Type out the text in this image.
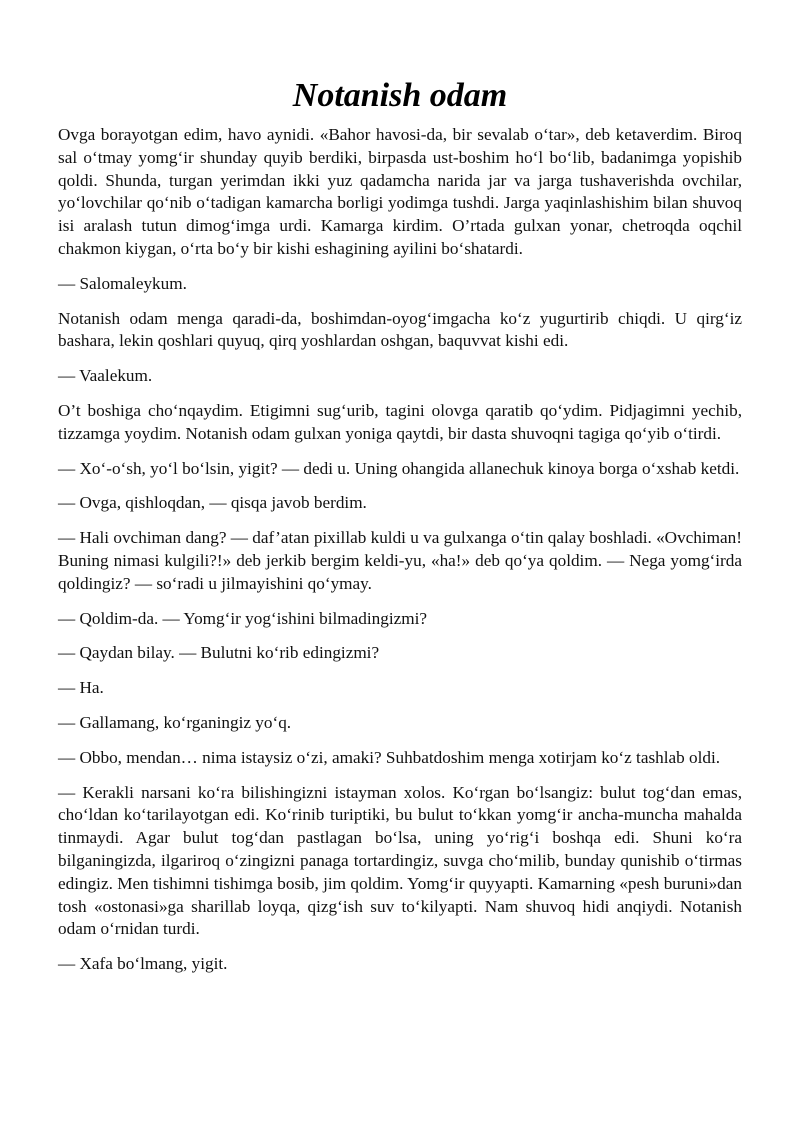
Notanish odam

Ovga borayotgan edim, havo aynidi. «Bahor havosi-da, bir sevalab o‘tar», deb ketaverdim. Biroq sal o‘tmay yomg‘ir shunday quyib berdiki, birpasda ust-boshim ho‘l bo‘lib, badanimga yopishib qoldi. Shunda, turgan yerimdan ikki yuz qadamcha narida jar va jarga tushaverishda ovchilar, yo‘lovchilar qo‘nib o‘tadigan kamarcha borligi yodimga tushdi. Jarga yaqinlashishim bilan shuvoq isi aralash tutun dimog‘imga urdi. Kamarga kirdim. O’rtada gulxan yonar, chetroqda oqchil chakmon kiygan, o‘rta bo‘y bir kishi eshagining ayilini bo‘shatardi.

— Salomaleykum.

Notanish odam menga qaradi-da, boshimdan-oyog‘imgacha ko‘z yugurtirib chiqdi. U qirg‘iz bashara, lekin qoshlari quyuq, qirq yoshlardan oshgan, baquvvat kishi edi.

— Vaalekum.

O’t boshiga cho‘nqaydim. Etigimni sug‘urib, tagini olovga qaratib qo‘ydim. Pidjagimni yechib, tizzamga yoydim. Notanish odam gulxan yoniga qaytdi, bir dasta shuvoqni tagiga qo‘yib o‘tirdi.

— Xo‘-o‘sh, yo‘l bo‘lsin, yigit? — dedi u. Uning ohangida allanechuk kinoya borga o‘xshab ketdi.

— Ovga, qishloqdan, — qisqa javob berdim.

— Hali ovchiman dang? — daf’atan pixillab kuldi u va gulxanga o‘tin qalay boshladi. «Ovchiman! Buning nimasi kulgili?!» deb jerkib bergim keldi-yu, «ha!» deb qo‘ya qoldim. — Nega yomg‘irda qoldingiz? — so‘radi u jilmayishini qo‘ymay.

— Qoldim-da. — Yomg‘ir yog‘ishini bilmadingizmi?

— Qaydan bilay. — Bulutni ko‘rib edingizmi?

— Ha.

— Gallamang, ko‘rganingiz yo‘q.

— Obbo, mendan… nima istaysiz o‘zi, amaki? Suhbatdoshim menga xotirjam ko‘z tashlab oldi.

— Kerakli narsani ko‘ra bilishingizni istayman xolos. Ko‘rgan bo‘lsangiz: bulut tog‘dan emas, cho‘ldan ko‘tarilayotgan edi. Ko‘rinib turiptiki, bu bulut to‘kkan yomg‘ir ancha-muncha mahalda tinmaydi. Agar bulut tog‘dan pastlagan bo‘lsa, uning yo‘rig‘i boshqa edi. Shuni ko‘ra bilganingizda, ilgariroq o‘zingizni panaga tortardingiz, suvga cho‘milib, bunday qunishib o‘tirmas edingiz. Men tishimni tishimga bosib, jim qoldim. Yomg‘ir quyyapti. Kamarning «pesh buruni»dan tosh «ostonasi»ga sharillab loyqa, qizg‘ish suv to‘kilyapti. Nam shuvoq hidi anqiydi. Notanish odam o‘rnidan turdi.

— Xafa bo‘lmang, yigit.
